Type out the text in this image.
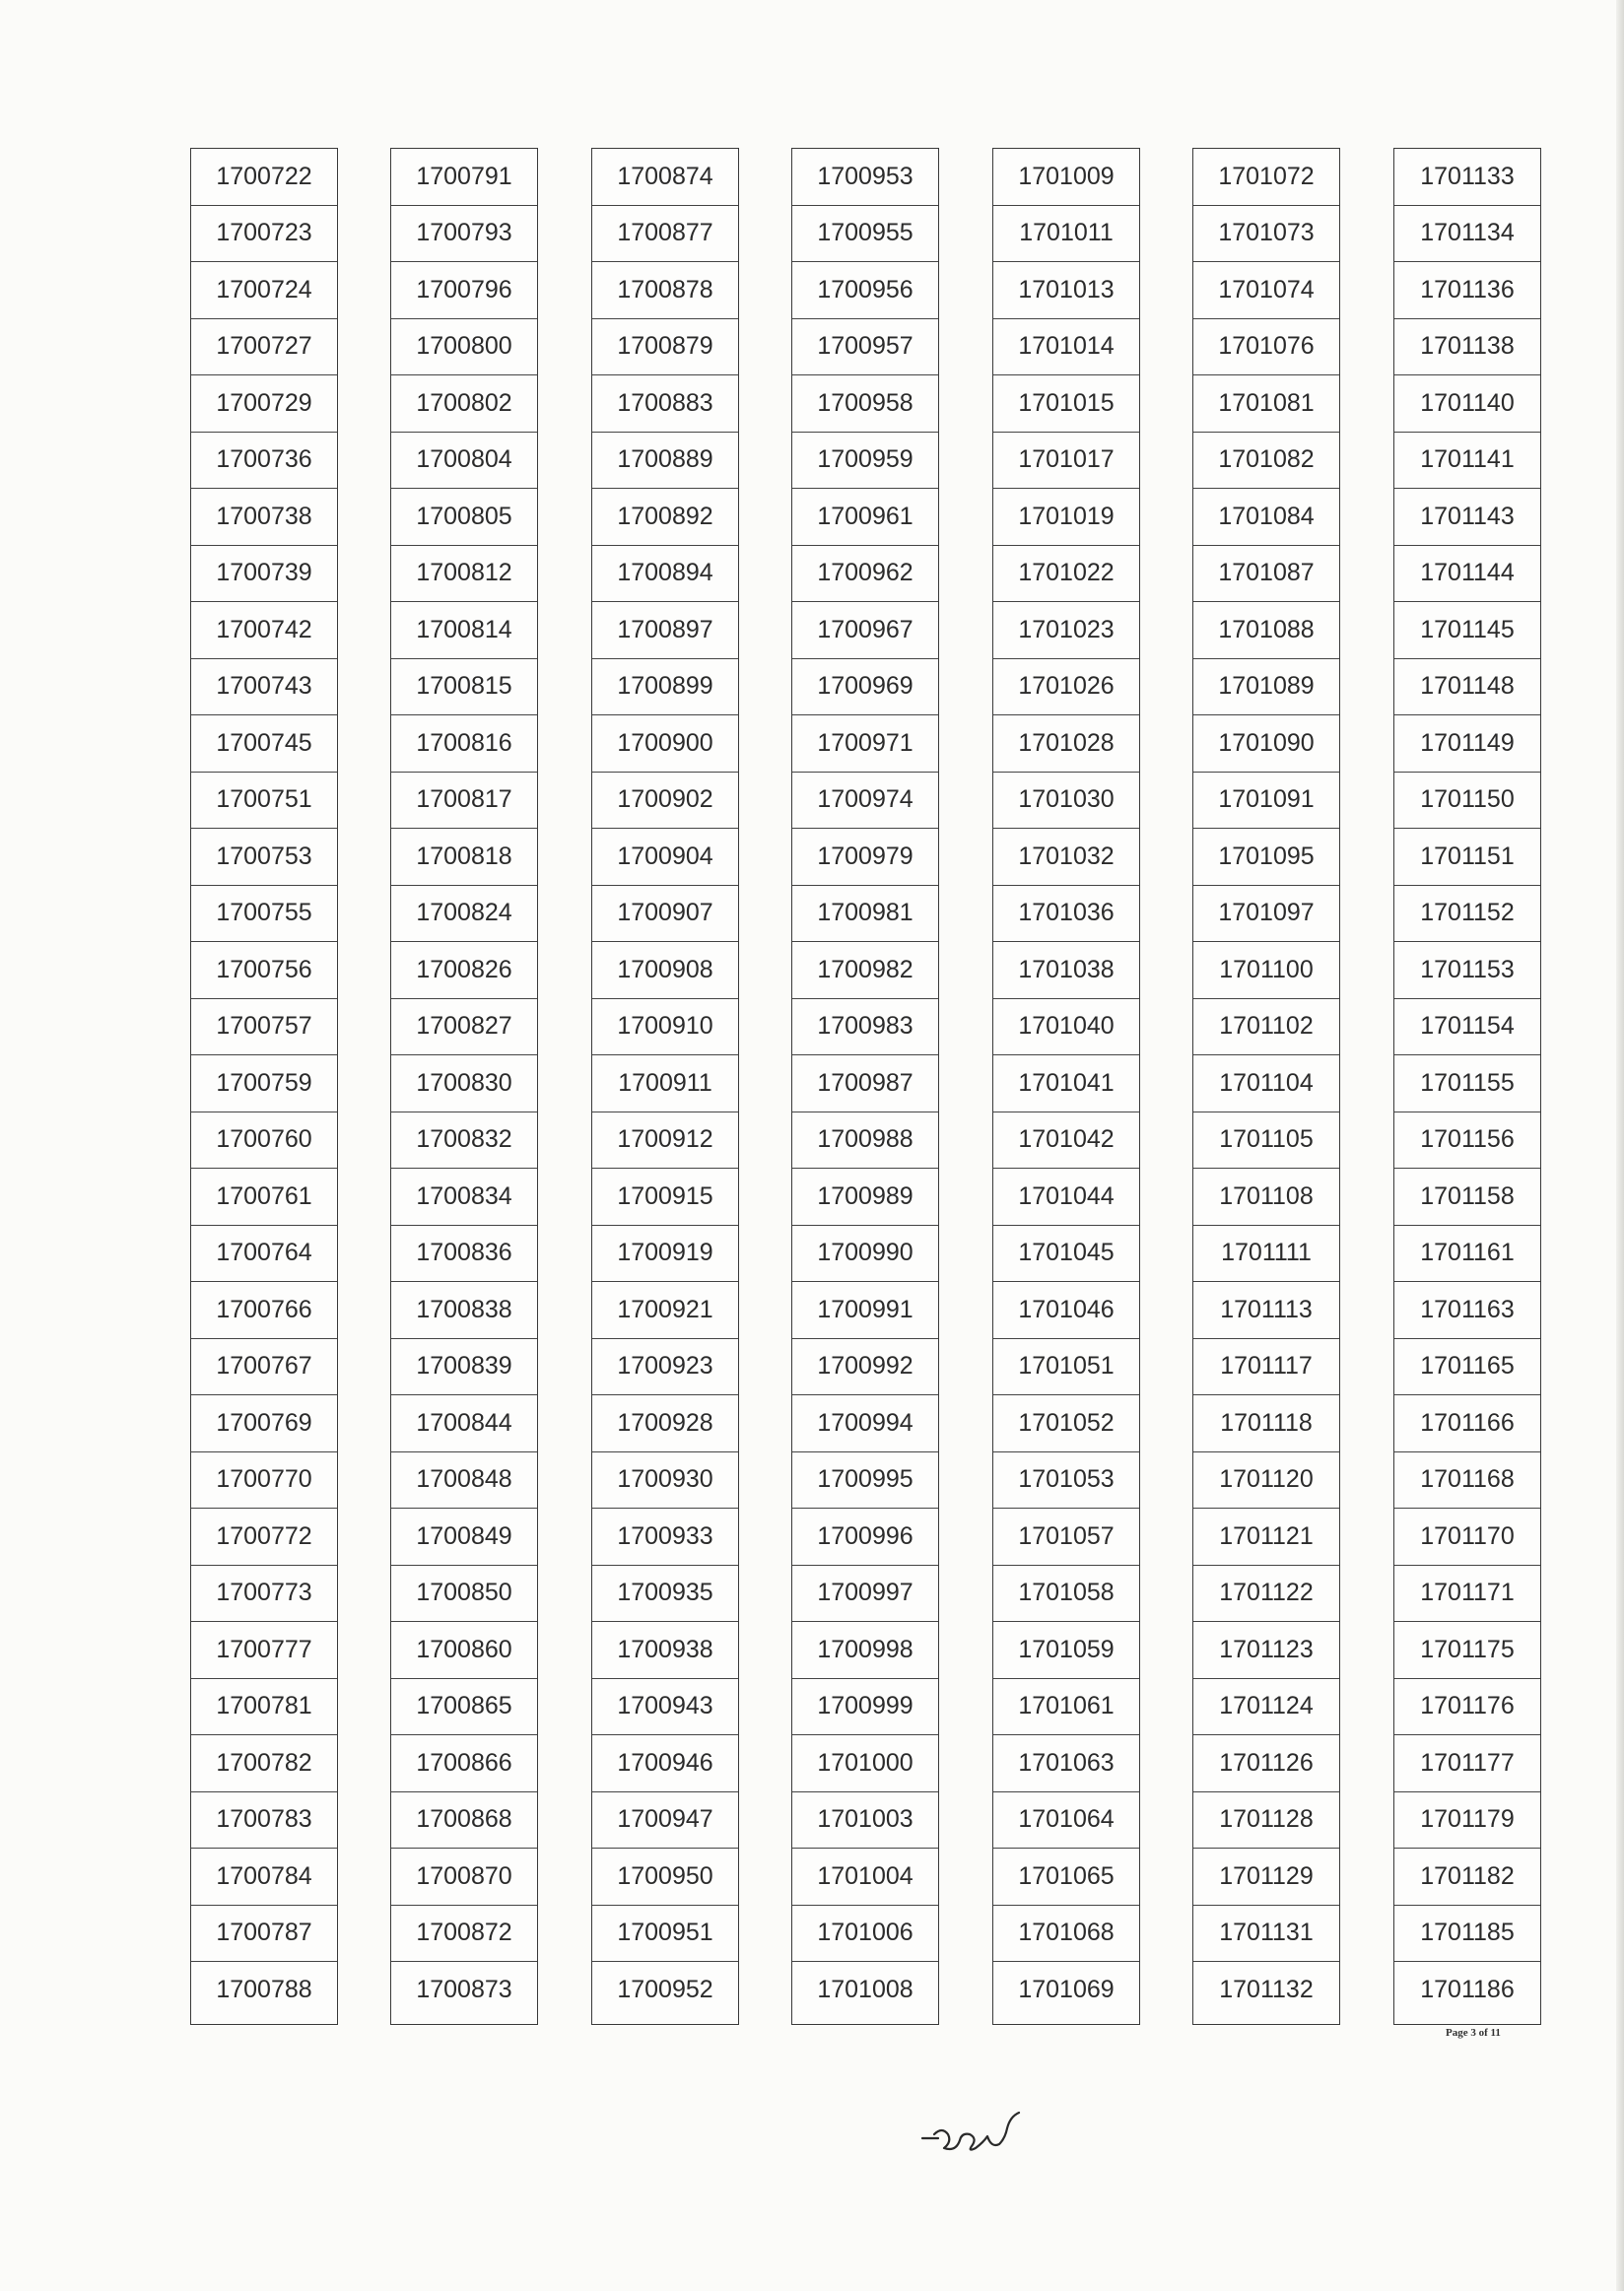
1700722
1700723
1700724
1700727
1700729
1700736
1700738
1700739
1700742
1700743
1700745
1700751
1700753
1700755
1700756
1700757
1700759
1700760
1700761
1700764
1700766
1700767
1700769
1700770
1700772
1700773
1700777
1700781
1700782
1700783
1700784
1700787
1700788
1700791
1700793
1700796
1700800
1700802
1700804
1700805
1700812
1700814
1700815
1700816
1700817
1700818
1700824
1700826
1700827
1700830
1700832
1700834
1700836
1700838
1700839
1700844
1700848
1700849
1700850
1700860
1700865
1700866
1700868
1700870
1700872
1700873
1700874
1700877
1700878
1700879
1700883
1700889
1700892
1700894
1700897
1700899
1700900
1700902
1700904
1700907
1700908
1700910
1700911
1700912
1700915
1700919
1700921
1700923
1700928
1700930
1700933
1700935
1700938
1700943
1700946
1700947
1700950
1700951
1700952
1700953
1700955
1700956
1700957
1700958
1700959
1700961
1700962
1700967
1700969
1700971
1700974
1700979
1700981
1700982
1700983
1700987
1700988
1700989
1700990
1700991
1700992
1700994
1700995
1700996
1700997
1700998
1700999
1701000
1701003
1701004
1701006
1701008
1701009
1701011
1701013
1701014
1701015
1701017
1701019
1701022
1701023
1701026
1701028
1701030
1701032
1701036
1701038
1701040
1701041
1701042
1701044
1701045
1701046
1701051
1701052
1701053
1701057
1701058
1701059
1701061
1701063
1701064
1701065
1701068
1701069
1701072
1701073
1701074
1701076
1701081
1701082
1701084
1701087
1701088
1701089
1701090
1701091
1701095
1701097
1701100
1701102
1701104
1701105
1701108
1701111
1701113
1701117
1701118
1701120
1701121
1701122
1701123
1701124
1701126
1701128
1701129
1701131
1701132
1701133
1701134
1701136
1701138
1701140
1701141
1701143
1701144
1701145
1701148
1701149
1701150
1701151
1701152
1701153
1701154
1701155
1701156
1701158
1701161
1701163
1701165
1701166
1701168
1701170
1701171
1701175
1701176
1701177
1701179
1701182
1701185
1701186
Page 3 of 11
